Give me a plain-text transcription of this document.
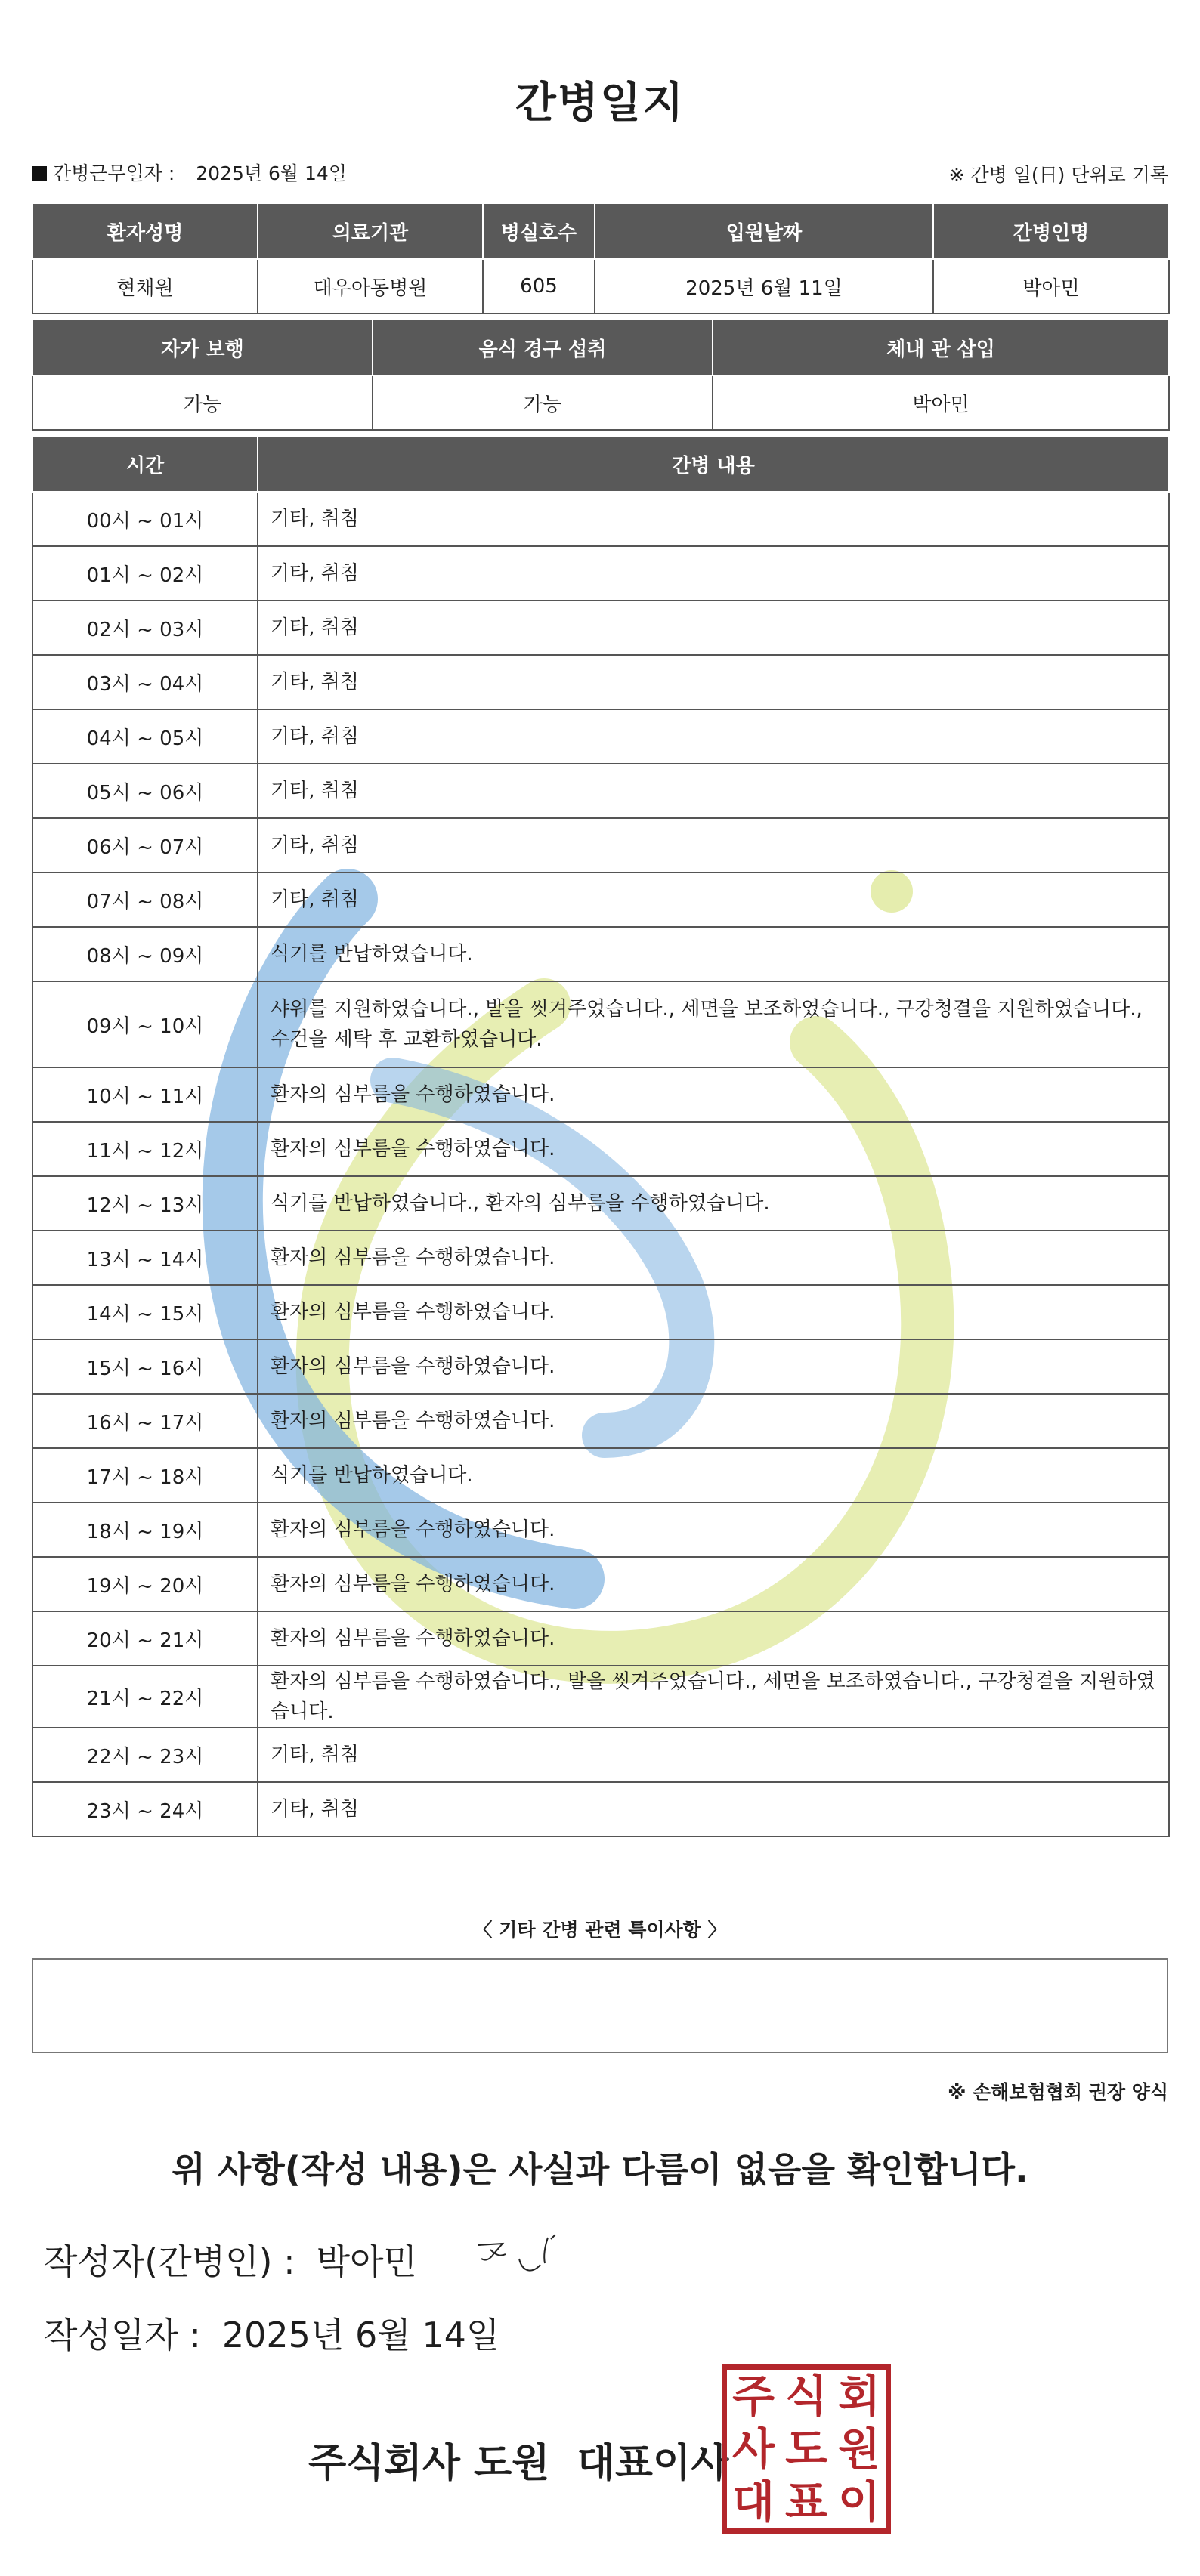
간병일지
간병근무일자 : 2025년 6월 14일	※ 간병 일(日) 단위로 기록
환자성명	의료기관	병실호수	입원날짜	간병인명
현채원	대우아동병원	605	2025년 6월 11일	박아민
자가 보행	음식 경구 섭취	체내 관 삽입
가능	가능	박아민
시간	간병 내용
00시 ~ 01시	기타, 취침
01시 ~ 02시	기타, 취침
02시 ~ 03시	기타, 취침
03시 ~ 04시	기타, 취침
04시 ~ 05시	기타, 취침
05시 ~ 06시	기타, 취침
06시 ~ 07시	기타, 취침
07시 ~ 08시	기타, 취침
08시 ~ 09시	식기를 반납하였습니다.
09시 ~ 10시	샤워를 지원하였습니다., 발을 씻겨주었습니다., 세면을 보조하였습니다., 구강청결을 지원하였습니다., 수건을 세탁 후 교환하였습니다.
10시 ~ 11시	환자의 심부름을 수행하였습니다.
11시 ~ 12시	환자의 심부름을 수행하였습니다.
12시 ~ 13시	식기를 반납하였습니다., 환자의 심부름을 수행하였습니다.
13시 ~ 14시	환자의 심부름을 수행하였습니다.
14시 ~ 15시	환자의 심부름을 수행하였습니다.
15시 ~ 16시	환자의 심부름을 수행하였습니다.
16시 ~ 17시	환자의 심부름을 수행하였습니다.
17시 ~ 18시	식기를 반납하였습니다.
18시 ~ 19시	환자의 심부름을 수행하였습니다.
19시 ~ 20시	환자의 심부름을 수행하였습니다.
20시 ~ 21시	환자의 심부름을 수행하였습니다.
21시 ~ 22시	환자의 심부름을 수행하였습니다., 발을 씻겨주었습니다., 세면을 보조하였습니다., 구강청결을 지원하였습니다.
22시 ~ 23시	기타, 취침
23시 ~ 24시	기타, 취침
〈 기타 간병 관련 특이사항 〉
※ 손해보험협회 권장 양식
위 사항(작성 내용)은 사실과 다름이 없음을 확인합니다.
작성자(간병인) : 박아민
작성일자 : 2025년 6월 14일
주식회사 도원 대표이사
주 식 회
사 도 원
대 표 이
